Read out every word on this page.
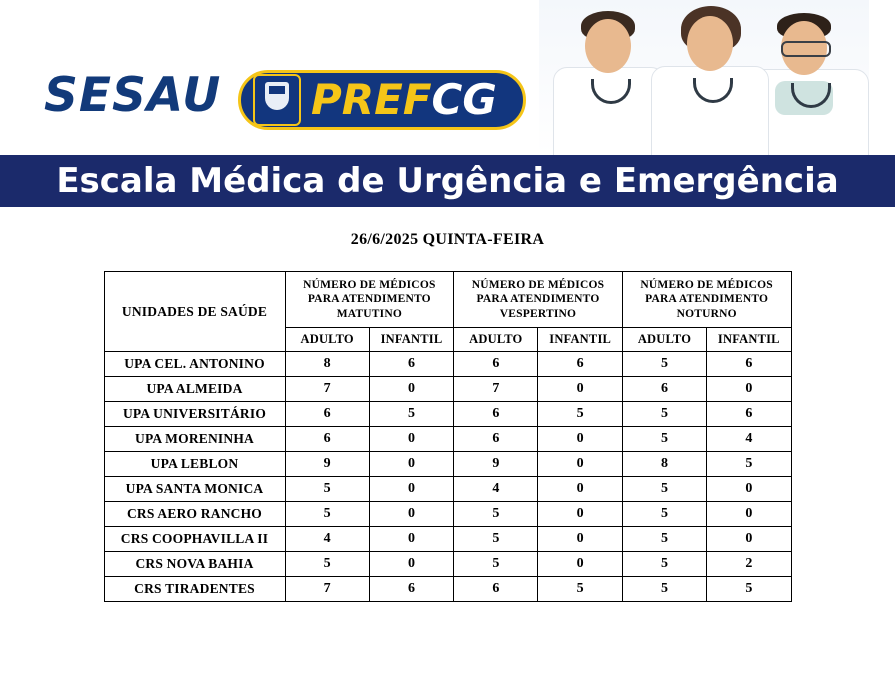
SESAU PREFCG
Escala Médica de Urgência e Emergência
26/6/2025 QUINTA-FEIRA
UNIDADES DE SAÚDE	NÚMERO DE MÉDICOS PARA ATENDIMENTO MATUTINO		NÚMERO DE MÉDICOS PARA ATENDIMENTO VESPERTINO		NÚMERO DE MÉDICOS PARA ATENDIMENTO NOTURNO	
	ADULTO	INFANTIL	ADULTO	INFANTIL	ADULTO	INFANTIL
UPA CEL. ANTONINO	8	6	6	6	5	6
UPA ALMEIDA	7	0	7	0	6	0
UPA UNIVERSITÁRIO	6	5	6	5	5	6
UPA MORENINHA	6	0	6	0	5	4
UPA LEBLON	9	0	9	0	8	5
UPA SANTA MONICA	5	0	4	0	5	0
CRS AERO RANCHO	5	0	5	0	5	0
CRS COOPHAVILLA II	4	0	5	0	5	0
CRS NOVA BAHIA	5	0	5	0	5	2
CRS TIRADENTES	7	6	6	5	5	5
